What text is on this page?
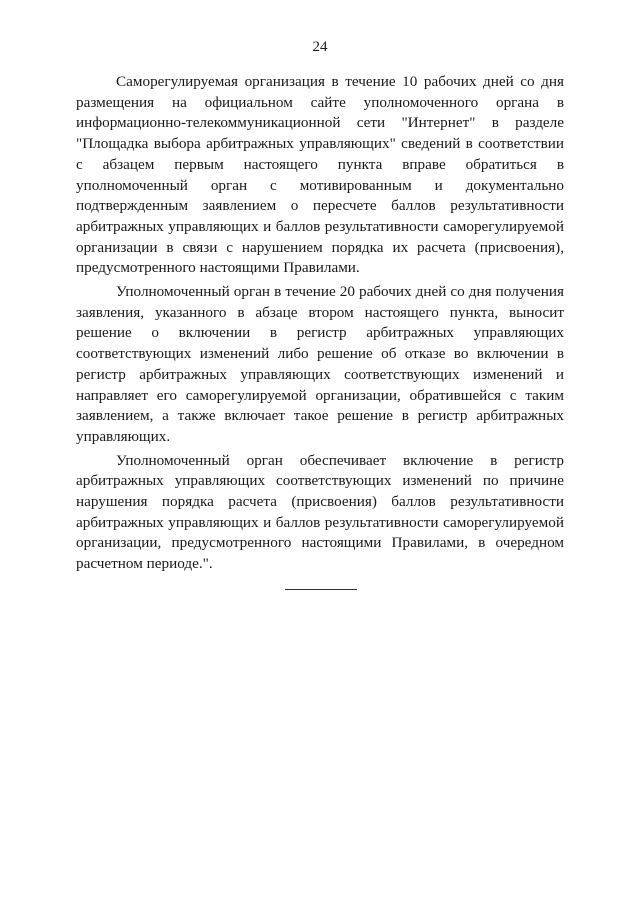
24

Саморегулируемая организация в течение 10 рабочих дней со дня размещения на официальном сайте уполномоченного органа в информационно-телекоммуникационной сети "Интернет" в разделе "Площадка выбора арбитражных управляющих" сведений в соответствии с абзацем первым настоящего пункта вправе обратиться в уполномоченный орган с мотивированным и документально подтвержденным заявлением о пересчете баллов результативности арбитражных управляющих и баллов результативности саморегулируемой организации в связи с нарушением порядка их расчета (присвоения), предусмотренного настоящими Правилами.

Уполномоченный орган в течение 20 рабочих дней со дня получения заявления, указанного в абзаце втором настоящего пункта, выносит решение о включении в регистр арбитражных управляющих соответствующих изменений либо решение об отказе во включении в регистр арбитражных управляющих соответствующих изменений и направляет его саморегулируемой организации, обратившейся с таким заявлением, а также включает такое решение в регистр арбитражных управляющих.

Уполномоченный орган обеспечивает включение в регистр арбитражных управляющих соответствующих изменений по причине нарушения порядка расчета (присвоения) баллов результативности арбитражных управляющих и баллов результативности саморегулируемой организации, предусмотренного настоящими Правилами, в очередном расчетном периоде.".
